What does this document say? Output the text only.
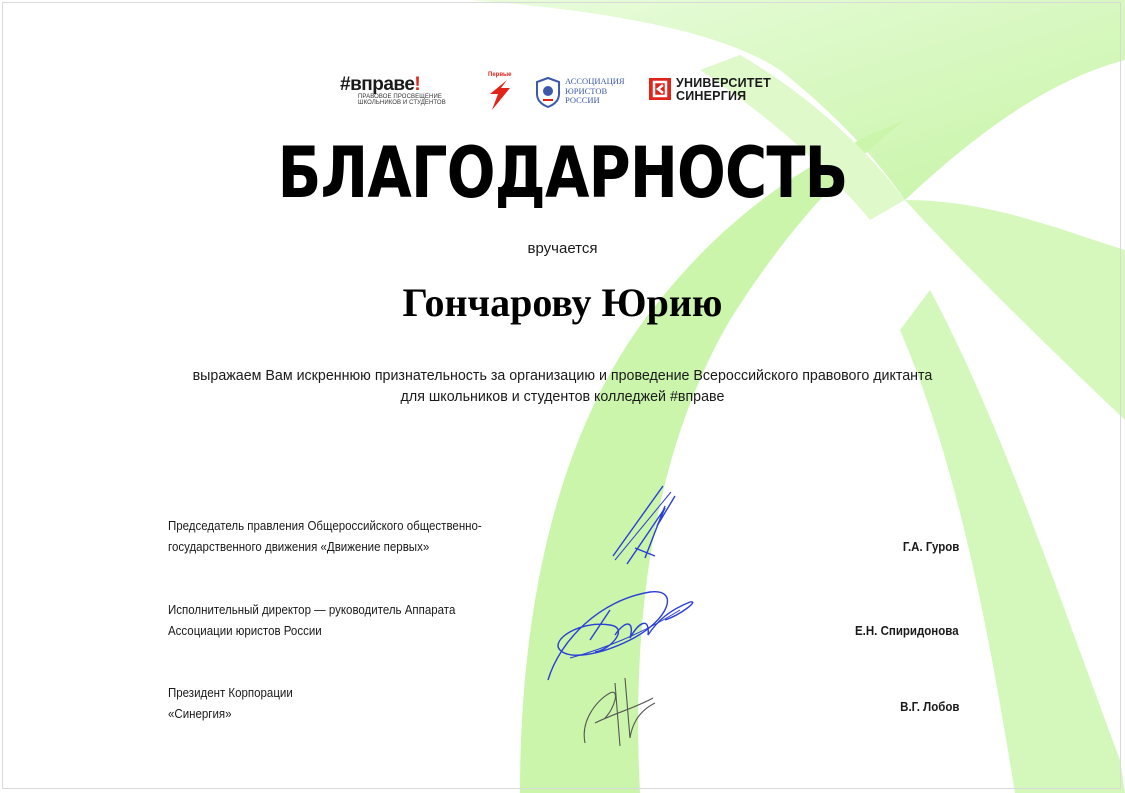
#вправе!
ПРАВОВОЕ ПРОСВЕЩЕНИЕ
ШКОЛЬНИКОВ И СТУДЕНТОВ
Первые
АССОЦИАЦИЯ
ЮРИСТОВ
РОССИИ
УНИВЕРСИТЕТ
СИНЕРГИЯ
БЛАГОДАРНОСТЬ
вручается
Гончарову Юрию
выражаем Вам искреннюю признательность за организацию и проведение Всероссийского правового диктанта
для школьников и студентов колледжей #вправе
Председатель правления Общероссийского общественно-
государственного движения «Движение первых»	Г.А. Гуров
Исполнительный директор — руководитель Аппарата
Ассоциации юристов России	Е.Н. Спиридонова
Президент Корпорации
«Синергия»	В.Г. Лобов
